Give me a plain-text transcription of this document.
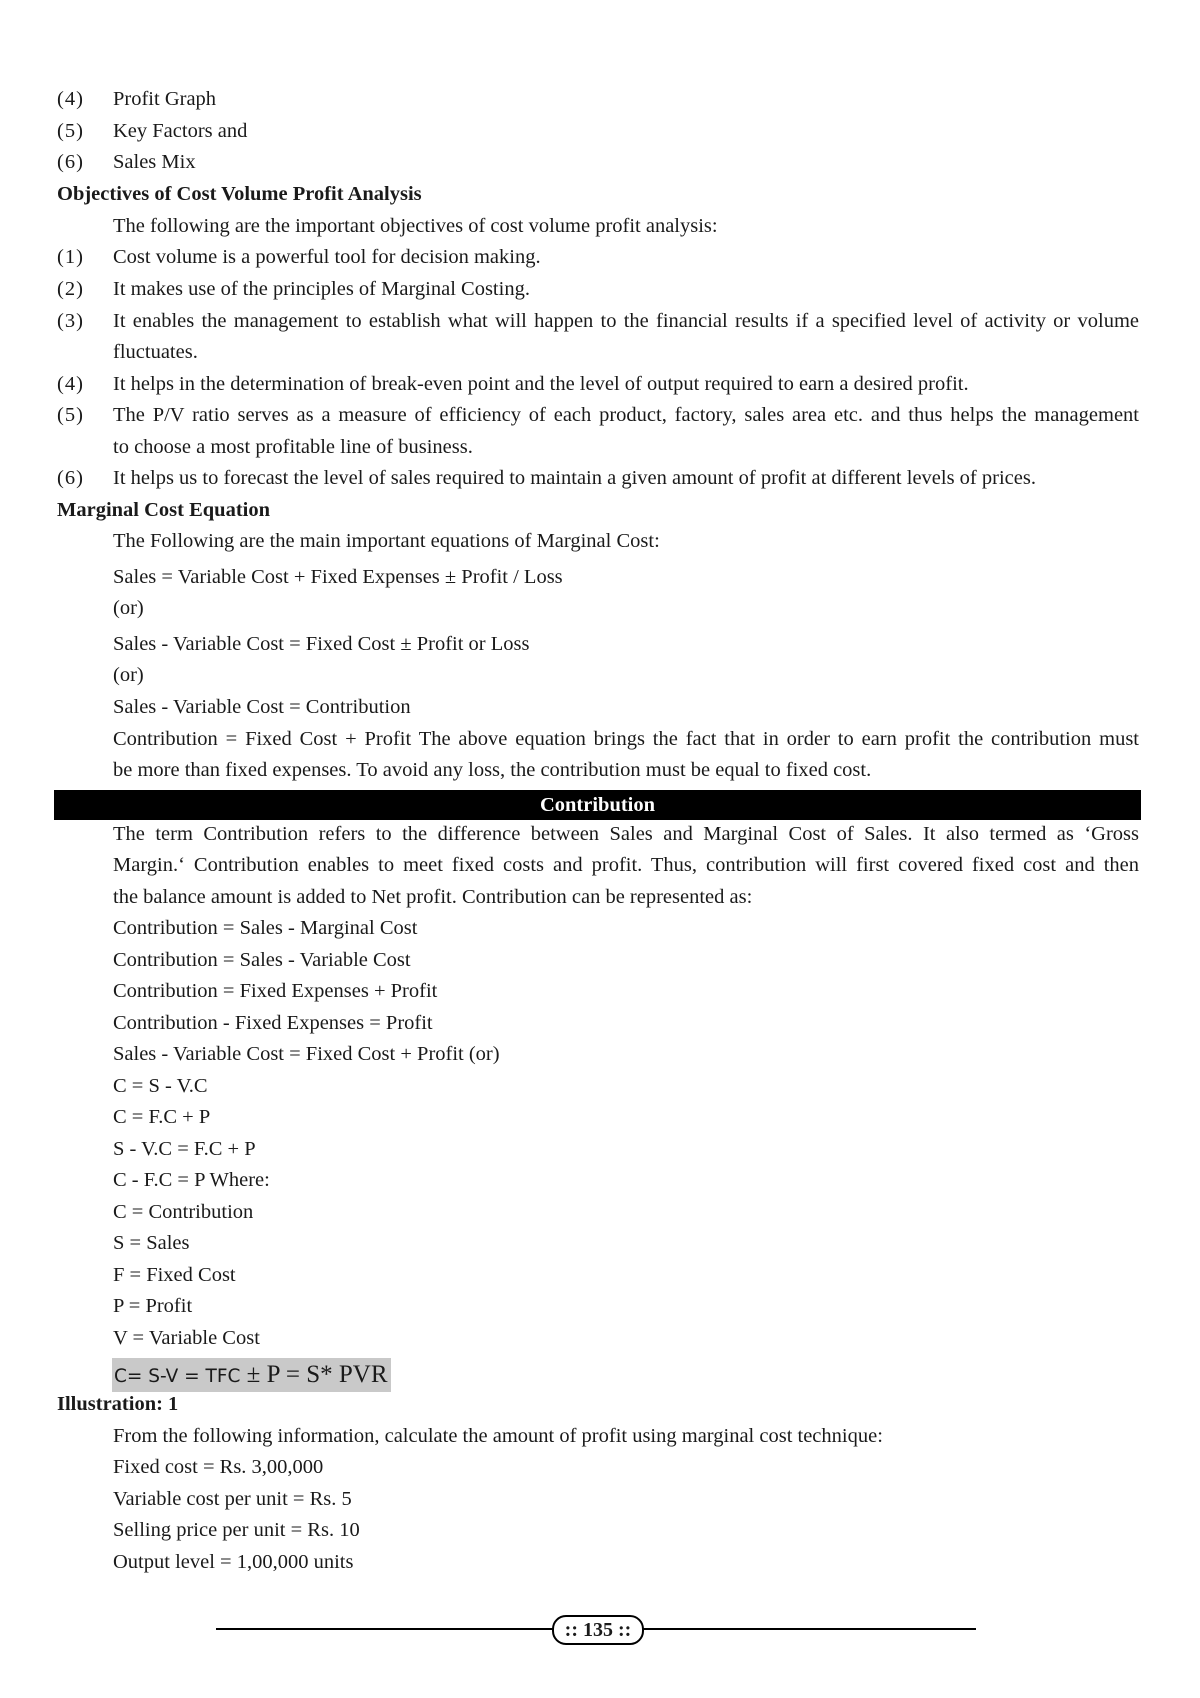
(4) Profit Graph
(5) Key Factors and
(6) Sales Mix
Objectives of Cost Volume Profit Analysis
The following are the important objectives of cost volume profit analysis:
(1) Cost volume is a powerful tool for decision making.
(2) It makes use of the principles of Marginal Costing.
(3) It enables the management to establish what will happen to the financial results if a specified level of activity or volume
fluctuates.
(4) It helps in the determination of break-even point and the level of output required to earn a desired profit.
(5) The P/V ratio serves as a measure of efficiency of each product, factory, sales area etc. and thus helps the management
to choose a most profitable line of business.
(6) It helps us to forecast the level of sales required to maintain a given amount of profit at different levels of prices.
Marginal Cost Equation
The Following are the main important equations of Marginal Cost:
Sales = Variable Cost + Fixed Expenses ± Profit / Loss
(or)
Sales - Variable Cost = Fixed Cost ± Profit or Loss
(or)
Sales - Variable Cost = Contribution
Contribution = Fixed Cost + Profit The above equation brings the fact that in order to earn profit the contribution must
be more than fixed expenses. To avoid any loss, the contribution must be equal to fixed cost.
Contribution
The term Contribution refers to the difference between Sales and Marginal Cost of Sales. It also termed as ‘Gross
Margin.‘ Contribution enables to meet fixed costs and profit. Thus, contribution will first covered fixed cost and then
the balance amount is added to Net profit. Contribution can be represented as:
Contribution = Sales - Marginal Cost
Contribution = Sales - Variable Cost
Contribution = Fixed Expenses + Profit
Contribution - Fixed Expenses = Profit
Sales - Variable Cost = Fixed Cost + Profit (or)
C = S - V.C
C = F.C + P
S - V.C = F.C + P
C - F.C = P Where:
C = Contribution
S = Sales
F = Fixed Cost
P = Profit
V = Variable Cost
C= S-V = TFC ± P = S* PVR
Illustration: 1
From the following information, calculate the amount of profit using marginal cost technique:
Fixed cost = Rs. 3,00,000
Variable cost per unit = Rs. 5
Selling price per unit = Rs. 10
Output level = 1,00,000 units
:: 135 ::
